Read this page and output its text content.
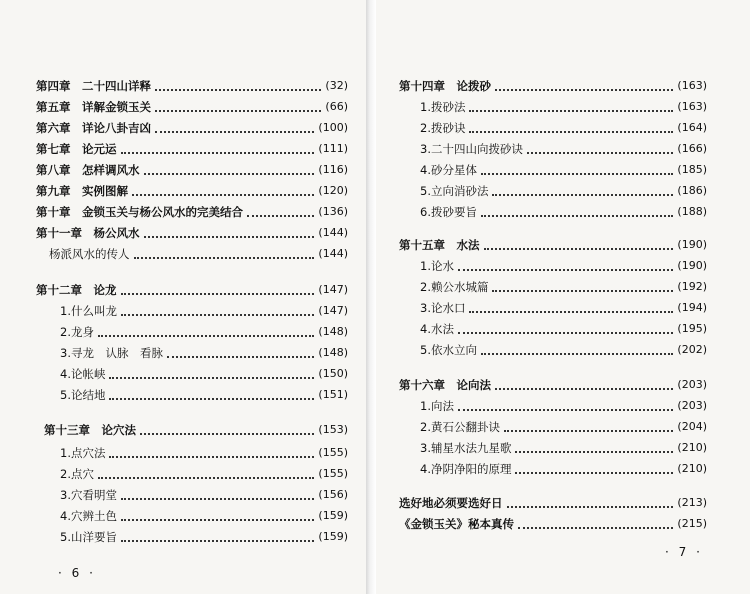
第四章　二十四山详释	(32)
第五章　详解金锁玉关	(66)
第六章　详论八卦吉凶	(100)
第七章　论元运	(111)
第八章　怎样调风水	(116)
第九章　实例图解	(120)
第十章　金锁玉关与杨公风水的完美结合	(136)
第十一章　杨公风水	(144)
杨派风水的传人	(144)
第十二章　论龙	(147)
1.什么叫龙	(147)
2.龙身	(148)
3.寻龙　认脉　看脉	(148)
4.论帐峡	(150)
5.论结地	(151)
第十三章　论穴法	(153)
1.点穴法	(155)
2.点穴	(155)
3.穴看明堂	(156)
4.穴辨土色	(159)
5.山洋要旨	(159)
· 6 ·
第十四章　论拨砂	(163)
1.拨砂法	(163)
2.拨砂诀	(164)
3.二十四山向拨砂诀	(166)
4.砂分星体	(185)
5.立向消砂法	(186)
6.拨砂要旨	(188)
第十五章　水法	(190)
1.论水	(190)
2.赖公水城篇	(192)
3.论水口	(194)
4.水法	(195)
5.依水立向	(202)
第十六章　论向法	(203)
1.向法	(203)
2.黄石公翻卦诀	(204)
3.辅星水法九星歌	(210)
4.净阴净阳的原理	(210)
选好地必须要选好日	(213)
《金锁玉关》秘本真传	(215)
· 7 ·
